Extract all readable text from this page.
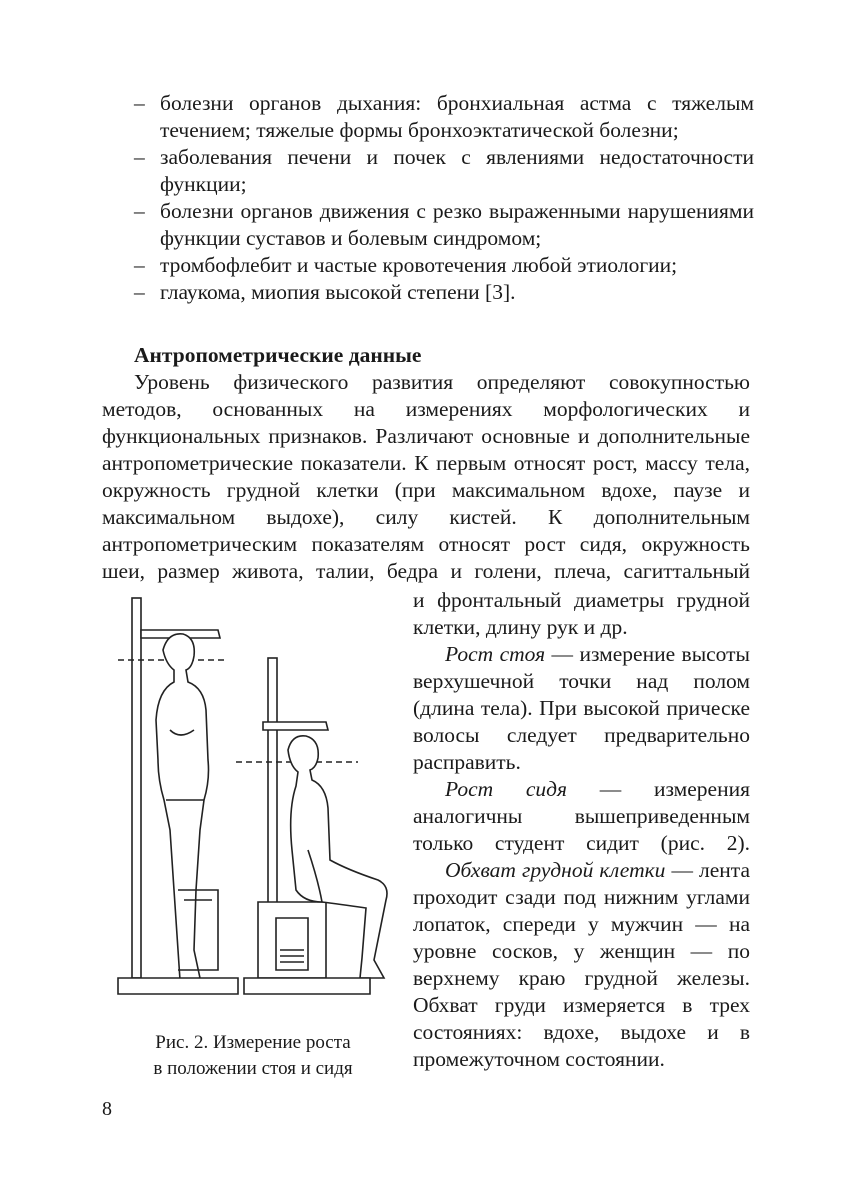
– болезни органов дыхания: бронхиальная астма с тяжелым течением; тяжелые формы бронхоэктатической болезни;
– заболевания печени и почек с явлениями недостаточности функции;
– болезни органов движения с резко выраженными нарушениями функции суставов и болевым синдромом;
– тромбофлебит и частые кровотечения любой этиологии;
– глаукома, миопия высокой степени [3].
Антропометрические данные

Уровень физического развития определяют совокупностью методов, основанных на измерениях морфологических и функциональных признаков. Различают основные и дополнительные антропометрические показатели. К первым относят рост, массу тела, окружность грудной клетки (при максимальном вдохе, паузе и максимальном выдохе), силу кистей. К дополнительным антропометрическим показателям относят рост сидя, окружность шеи, размер живота, талии, бедра и голени, плеча, сагиттальный

и фронтальный диаметры грудной

клетки, длину рук и др.

Рост стоя — измерение высоты верхушечной точки над полом (длина тела). При высокой прическе волосы следует предварительно расправить.

Рост сидя — измерения аналогичны вышеприведенным только студент сидит (рис. 2).

Обхват грудной клетки — лента проходит сзади под нижним углами лопаток, спереди у мужчин — на уровне сосков, у женщин — по верхнему краю грудной железы. Обхват груди измеряется в трех состояниях: вдохе, выдохе и в промежуточном состоянии.

Рис. 2. Измерение роста
в положении стоя и сидя

8
